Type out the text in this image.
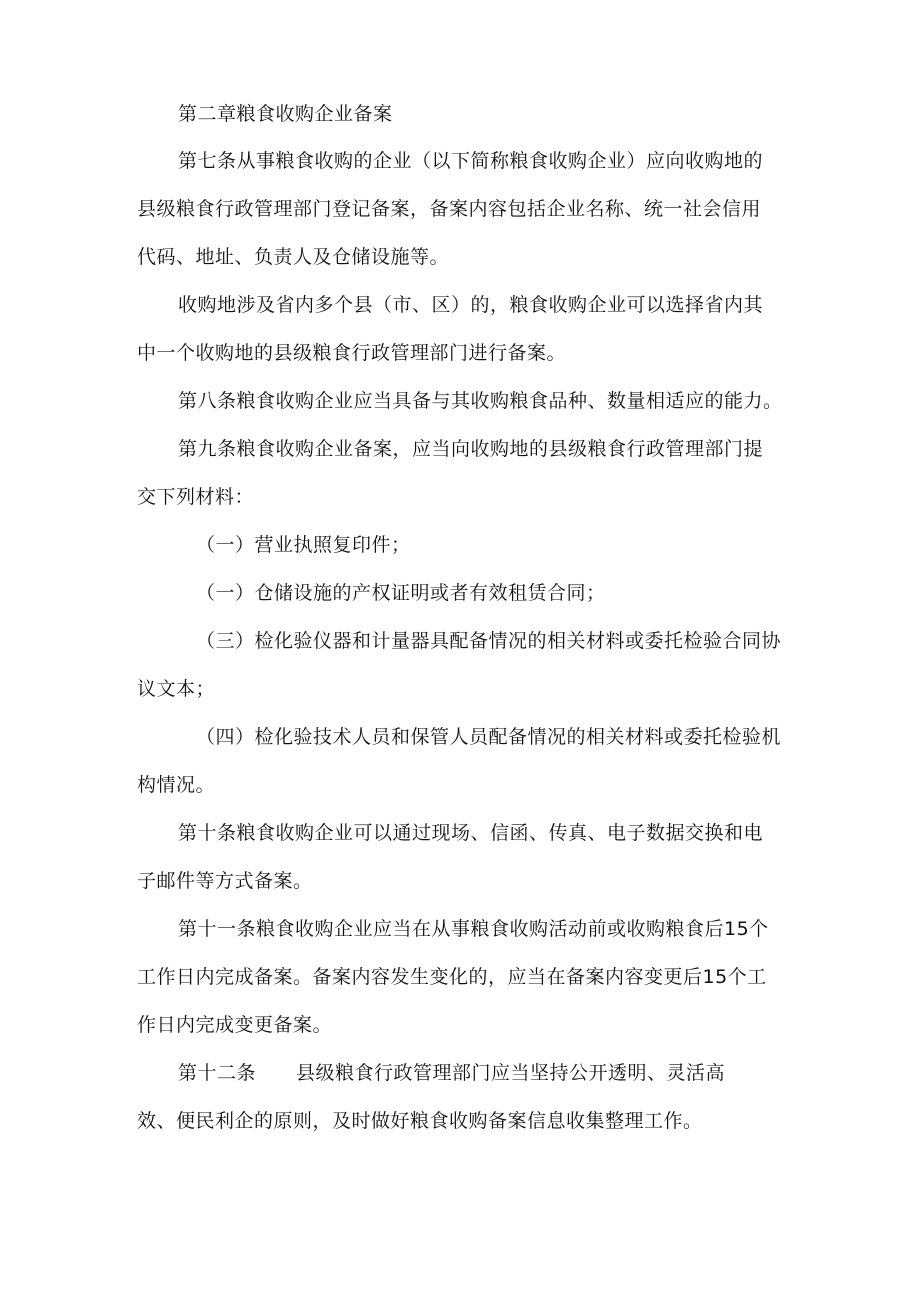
第二章粮食收购企业备案
第七条从事粮食收购的企业（以下简称粮食收购企业）应向收购地的
县级粮食行政管理部门登记备案，备案内容包括企业名称、统一社会信用
代码、地址、负责人及仓储设施等。
收购地涉及省内多个县（市、区）的，粮食收购企业可以选择省内其
中一个收购地的县级粮食行政管理部门进行备案。
第八条粮食收购企业应当具备与其收购粮食品种、数量相适应的能力。
第九条粮食收购企业备案，应当向收购地的县级粮食行政管理部门提
交下列材料：
（一）营业执照复印件；
（一）仓储设施的产权证明或者有效租赁合同；
（三）检化验仪器和计量器具配备情况的相关材料或委托检验合同协
议文本；
（四）检化验技术人员和保管人员配备情况的相关材料或委托检验机
构情况。
第十条粮食收购企业可以通过现场、信函、传真、电子数据交换和电
子邮件等方式备案。
第十一条粮食收购企业应当在从事粮食收购活动前或收购粮食后15个
工作日内完成备案。备案内容发生变化的，应当在备案内容变更后15个工
作日内完成变更备案。
第十二条 县级粮食行政管理部门应当坚持公开透明、灵活高
效、便民利企的原则，及时做好粮食收购备案信息收集整理工作。
